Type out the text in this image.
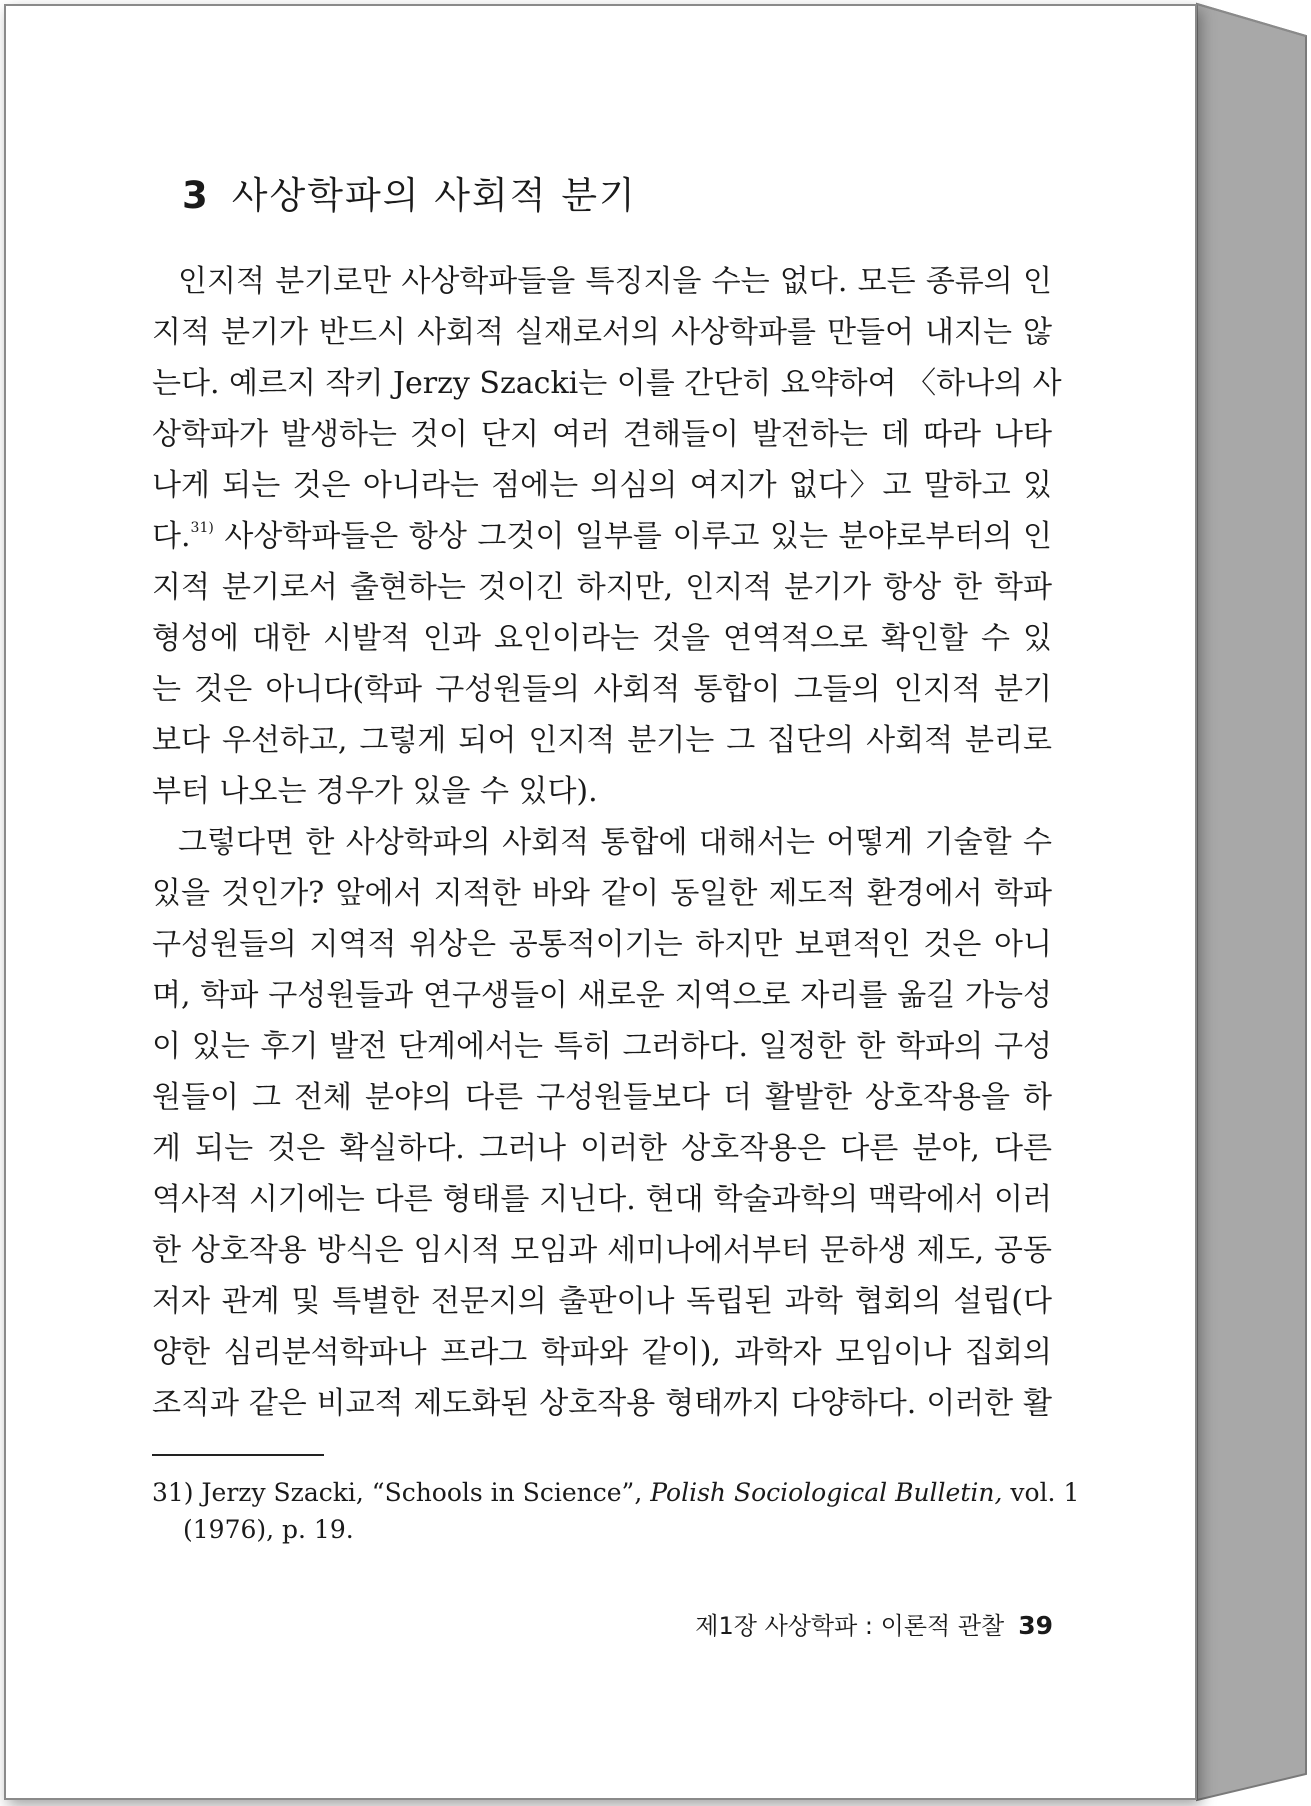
3 사상학파의 사회적 분기
인지적 분기로만 사상학파들을 특징지을 수는 없다. 모든 종류의 인
지적 분기가 반드시 사회적 실재로서의 사상학파를 만들어 내지는 않
는다. 예르지 작키 Jerzy Szacki는 이를 간단히 요약하여 〈하나의 사
상학파가 발생하는 것이 단지 여러 견해들이 발전하는 데 따라 나타
나게 되는 것은 아니라는 점에는 의심의 여지가 없다〉고 말하고 있
다.$^{31)}$ 사상학파들은 항상 그것이 일부를 이루고 있는 분야로부터의 인
지적 분기로서 출현하는 것이긴 하지만, 인지적 분기가 항상 한 학파
형성에 대한 시발적 인과 요인이라는 것을 연역적으로 확인할 수 있
는 것은 아니다(학파 구성원들의 사회적 통합이 그들의 인지적 분기
보다 우선하고, 그렇게 되어 인지적 분기는 그 집단의 사회적 분리로
부터 나오는 경우가 있을 수 있다).
그렇다면 한 사상학파의 사회적 통합에 대해서는 어떻게 기술할 수
있을 것인가? 앞에서 지적한 바와 같이 동일한 제도적 환경에서 학파
구성원들의 지역적 위상은 공통적이기는 하지만 보편적인 것은 아니
며, 학파 구성원들과 연구생들이 새로운 지역으로 자리를 옮길 가능성
이 있는 후기 발전 단계에서는 특히 그러하다. 일정한 한 학파의 구성
원들이 그 전체 분야의 다른 구성원들보다 더 활발한 상호작용을 하
게 되는 것은 확실하다. 그러나 이러한 상호작용은 다른 분야, 다른
역사적 시기에는 다른 형태를 지닌다. 현대 학술과학의 맥락에서 이러
한 상호작용 방식은 임시적 모임과 세미나에서부터 문하생 제도, 공동
저자 관계 및 특별한 전문지의 출판이나 독립된 과학 협회의 설립(다
양한 심리분석학파나 프라그 학파와 같이), 과학자 모임이나 집회의
조직과 같은 비교적 제도화된 상호작용 형태까지 다양하다. 이러한 활
31) Jerzy Szacki, “Schools in Science”, Polish Sociological Bulletin, vol. 1
(1976), p. 19.
제1장 사상학파 : 이론적 관찰 39
